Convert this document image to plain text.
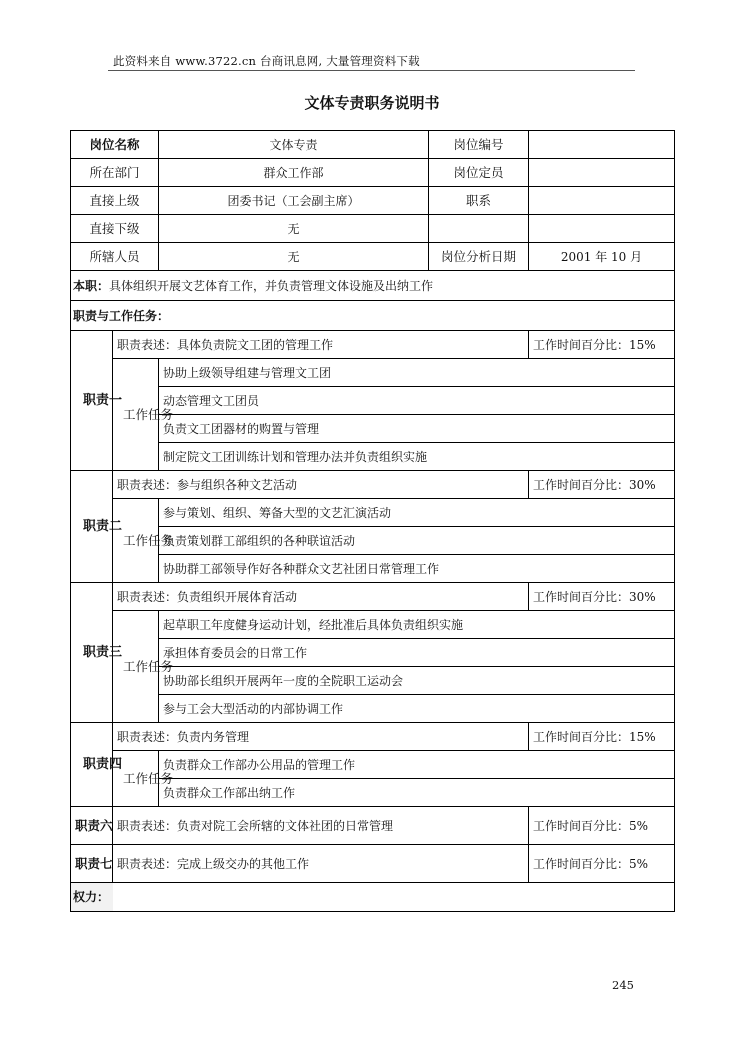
此资料来自 www.3722.cn 台商讯息网, 大量管理资料下载
文体专责职务说明书
岗位名称		文体专责	岗位编号	
所在部门		群众工作部	岗位定员	
直接上级		团委书记（工会副主席）	职系	
直接下级		无		
所辖人员		无	岗位分析日期	2001 年 10 月
本职：具体组织开展文艺体育工作，并负责管理文体设施及出纳工作				
职责与工作任务：				
职责一	职责表述：具体负责院文工团的管理工作			工作时间百分比：15%
	工作任务	协助上级领导组建与管理文工团		
		动态管理文工团员		
		负责文工团器材的购置与管理		
		制定院文工团训练计划和管理办法并负责组织实施		
职责二	职责表述：参与组织各种文艺活动			工作时间百分比：30%
	工作任务	参与策划、组织、筹备大型的文艺汇演活动		
		负责策划群工部组织的各种联谊活动		
		协助群工部领导作好各种群众文艺社团日常管理工作		
职责三	职责表述：负责组织开展体育活动			工作时间百分比：30%
	工作任务	起草职工年度健身运动计划，经批准后具体负责组织实施		
		承担体育委员会的日常工作		
		协助部长组织开展两年一度的全院职工运动会		
		参与工会大型活动的内部协调工作		
职责四	职责表述：负责内务管理			工作时间百分比：15%
	工作任务	负责群众工作部办公用品的管理工作		
		负责群众工作部出纳工作		
职责六	职责表述：负责对院工会所辖的文体社团的日常管理			工作时间百分比：5%
职责七	职责表述：完成上级交办的其他工作			工作时间百分比：5%
权力：				
245
